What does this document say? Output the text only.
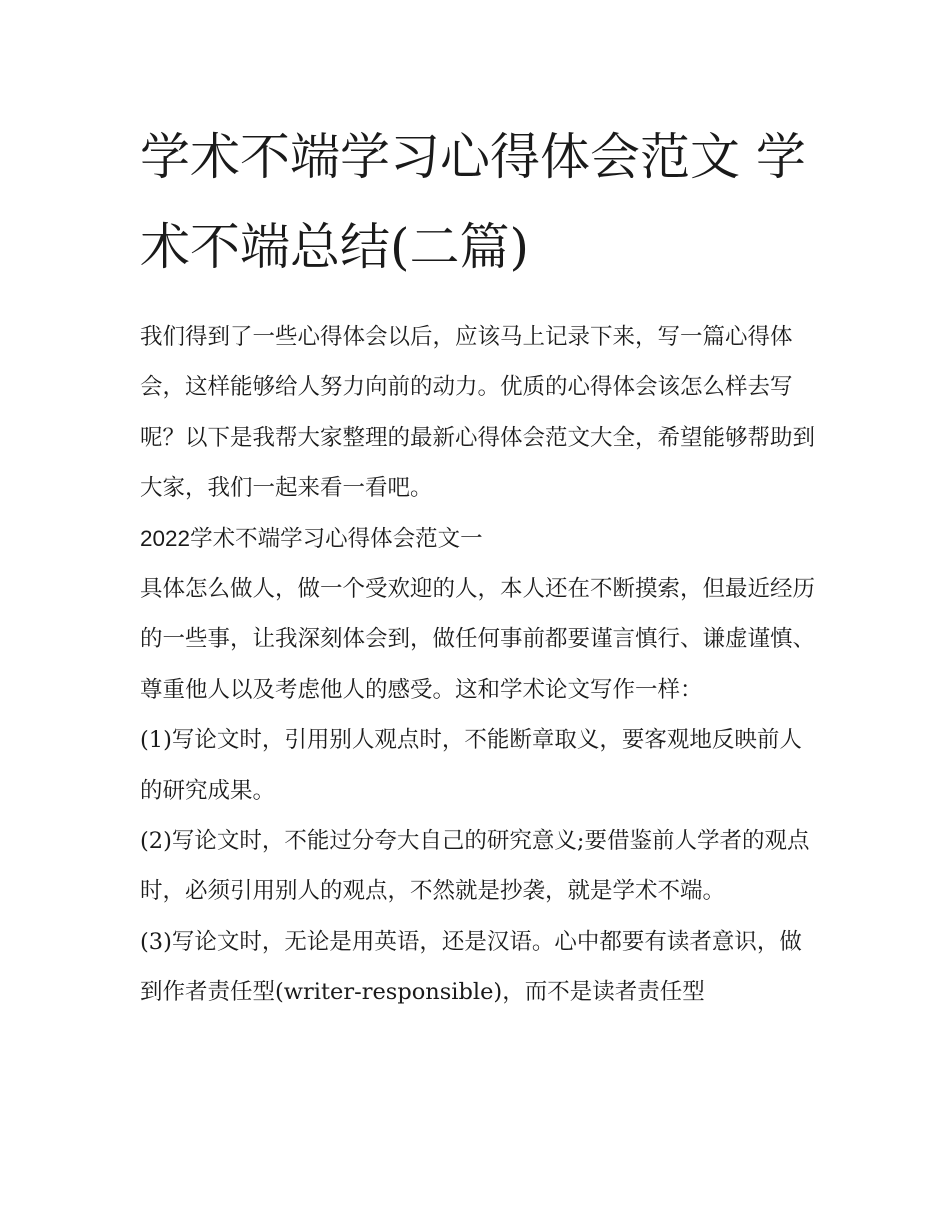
学术不端学习心得体会范文 学术不端总结(二篇)

我们得到了一些心得体会以后，应该马上记录下来，写一篇心得体会，这样能够给人努力向前的动力。优质的心得体会该怎么样去写呢？以下是我帮大家整理的最新心得体会范文大全，希望能够帮助到大家，我们一起来看一看吧。

2022学术不端学习心得体会范文一

具体怎么做人，做一个受欢迎的人，本人还在不断摸索，但最近经历的一些事，让我深刻体会到，做任何事前都要谨言慎行、谦虚谨慎、尊重他人以及考虑他人的感受。这和学术论文写作一样：

(1)写论文时，引用别人观点时，不能断章取义，要客观地反映前人的研究成果。

(2)写论文时，不能过分夸大自己的研究意义;要借鉴前人学者的观点时，必须引用别人的观点，不然就是抄袭，就是学术不端。

(3)写论文时，无论是用英语，还是汉语。心中都要有读者意识，做到作者责任型(writer-responsible)，而不是读者责任型
